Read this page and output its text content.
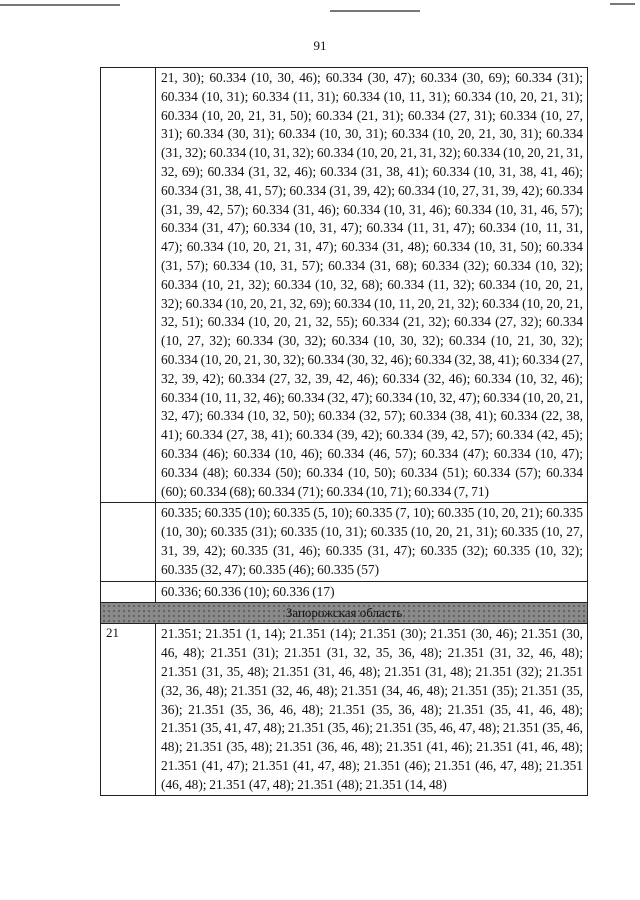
91
	21, 30); 60.334 (10, 30, 46); 60.334 (30, 47); 60.334 (30, 69); 60.334 (31); 60.334 (10, 31); 60.334 (11, 31); 60.334 (10, 11, 31); 60.334 (10, 20, 21, 31); 60.334 (10, 20, 21, 31, 50); 60.334 (21, 31); 60.334 (27, 31); 60.334 (10, 27, 31); 60.334 (30, 31); 60.334 (10, 30, 31); 60.334 (10, 20, 21, 30, 31); 60.334 (31, 32); 60.334 (10, 31, 32); 60.334 (10, 20, 21, 31, 32); 60.334 (10, 20, 21, 31, 32, 69); 60.334 (31, 32, 46); 60.334 (31, 38, 41); 60.334 (10, 31, 38, 41, 46); 60.334 (31, 38, 41, 57); 60.334 (31, 39, 42); 60.334 (10, 27, 31, 39, 42); 60.334 (31, 39, 42, 57); 60.334 (31, 46); 60.334 (10, 31, 46); 60.334 (10, 31, 46, 57); 60.334 (31, 47); 60.334 (10, 31, 47); 60.334 (11, 31, 47); 60.334 (10, 11, 31, 47); 60.334 (10, 20, 21, 31, 47); 60.334 (31, 48); 60.334 (10, 31, 50); 60.334 (31, 57); 60.334 (10, 31, 57); 60.334 (31, 68); 60.334 (32); 60.334 (10, 32); 60.334 (10, 21, 32); 60.334 (10, 32, 68); 60.334 (11, 32); 60.334 (10, 20, 21, 32); 60.334 (10, 20, 21, 32, 69); 60.334 (10, 11, 20, 21, 32); 60.334 (10, 20, 21, 32, 51); 60.334 (10, 20, 21, 32, 55); 60.334 (21, 32); 60.334 (27, 32); 60.334 (10, 27, 32); 60.334 (30, 32); 60.334 (10, 30, 32); 60.334 (10, 21, 30, 32); 60.334 (10, 20, 21, 30, 32); 60.334 (30, 32, 46); 60.334 (32, 38, 41); 60.334 (27, 32, 39, 42); 60.334 (27, 32, 39, 42, 46); 60.334 (32, 46); 60.334 (10, 32, 46); 60.334 (10, 11, 32, 46); 60.334 (32, 47); 60.334 (10, 32, 47); 60.334 (10, 20, 21, 32, 47); 60.334 (10, 32, 50); 60.334 (32, 57); 60.334 (38, 41); 60.334 (22, 38, 41); 60.334 (27, 38, 41); 60.334 (39, 42); 60.334 (39, 42, 57); 60.334 (42, 45); 60.334 (46); 60.334 (10, 46); 60.334 (46, 57); 60.334 (47); 60.334 (10, 47); 60.334 (48); 60.334 (50); 60.334 (10, 50); 60.334 (51); 60.334 (57); 60.334 (60); 60.334 (68); 60.334 (71); 60.334 (10, 71); 60.334 (7, 71)
	60.335; 60.335 (10); 60.335 (5, 10); 60.335 (7, 10); 60.335 (10, 20, 21); 60.335 (10, 30); 60.335 (31); 60.335 (10, 31); 60.335 (10, 20, 21, 31); 60.335 (10, 27, 31, 39, 42); 60.335 (31, 46); 60.335 (31, 47); 60.335 (32); 60.335 (10, 32); 60.335 (32, 47); 60.335 (46); 60.335 (57)
	60.336; 60.336 (10); 60.336 (17)
Запорожская область	
21	21.351; 21.351 (1, 14); 21.351 (14); 21.351 (30); 21.351 (30, 46); 21.351 (30, 46, 48); 21.351 (31); 21.351 (31, 32, 35, 36, 48); 21.351 (31, 32, 46, 48); 21.351 (31, 35, 48); 21.351 (31, 46, 48); 21.351 (31, 48); 21.351 (32); 21.351 (32, 36, 48); 21.351 (32, 46, 48); 21.351 (34, 46, 48); 21.351 (35); 21.351 (35, 36); 21.351 (35, 36, 46, 48); 21.351 (35, 36, 48); 21.351 (35, 41, 46, 48); 21.351 (35, 41, 47, 48); 21.351 (35, 46); 21.351 (35, 46, 47, 48); 21.351 (35, 46, 48); 21.351 (35, 48); 21.351 (36, 46, 48); 21.351 (41, 46); 21.351 (41, 46, 48); 21.351 (41, 47); 21.351 (41, 47, 48); 21.351 (46); 21.351 (46, 47, 48); 21.351 (46, 48); 21.351 (47, 48); 21.351 (48); 21.351 (14, 48)
